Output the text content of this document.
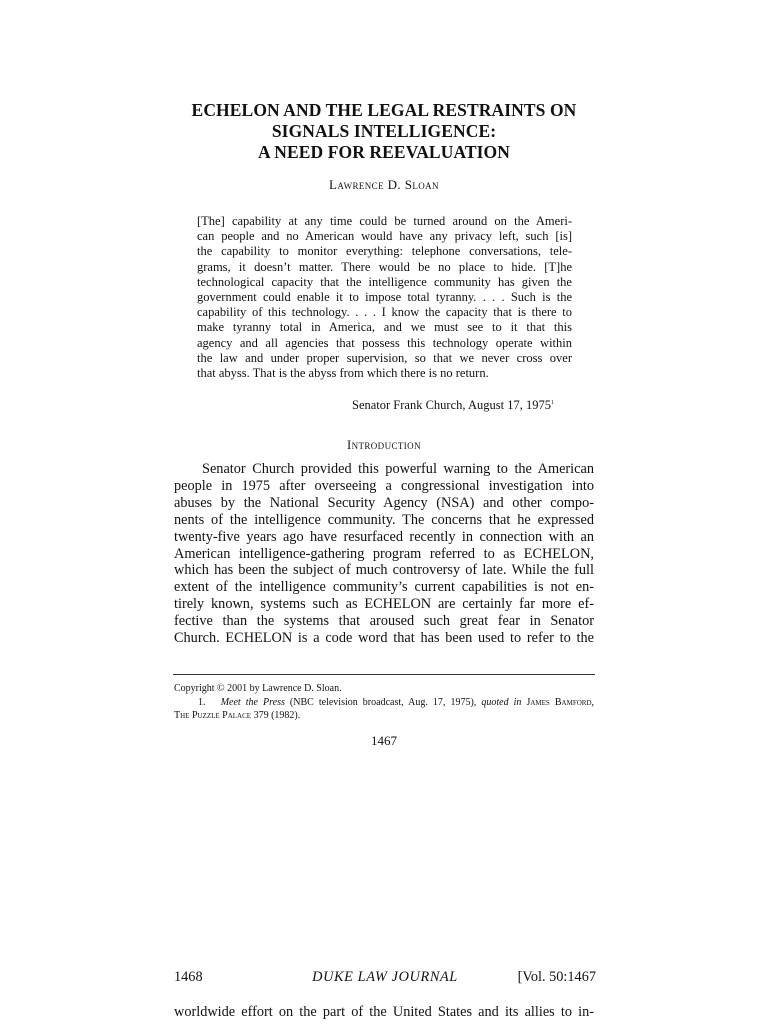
ECHELON AND THE LEGAL RESTRAINTS ON
SIGNALS INTELLIGENCE:
A NEED FOR REEVALUATION
Lawrence D. Sloan
[The] capability at any time could be turned around on the Ameri-
can people and no American would have any privacy left, such [is]
the capability to monitor everything: telephone conversations, tele-
grams, it doesn’t matter. There would be no place to hide. [T]he
technological capacity that the intelligence community has given the
government could enable it to impose total tyranny. . . . Such is the
capability of this technology. . . . I know the capacity that is there to
make tyranny total in America, and we must see to it that this
agency and all agencies that possess this technology operate within
the law and under proper supervision, so that we never cross over
that abyss. That is the abyss from which there is no return.
Senator Frank Church, August 17, 1975$^1$
Introduction
Senator Church provided this powerful warning to the American
people in 1975 after overseeing a congressional investigation into
abuses by the National Security Agency (NSA) and other compo-
nents of the intelligence community. The concerns that he expressed
twenty-five years ago have resurfaced recently in connection with an
American intelligence-gathering program referred to as ECHELON,
which has been the subject of much controversy of late. While the full
extent of the intelligence community’s current capabilities is not en-
tirely known, systems such as ECHELON are certainly far more ef-
fective than the systems that aroused such great fear in Senator
Church. ECHELON is a code word that has been used to refer to the
Copyright © 2001 by Lawrence D. Sloan.
1. Meet the Press (NBC television broadcast, Aug. 17, 1975), quoted in James Bamford,
The Puzzle Palace 379 (1982).
1467
1468	DUKE LAW JOURNAL	[Vol. 50:1467
worldwide effort on the part of the United States and its allies to in-
